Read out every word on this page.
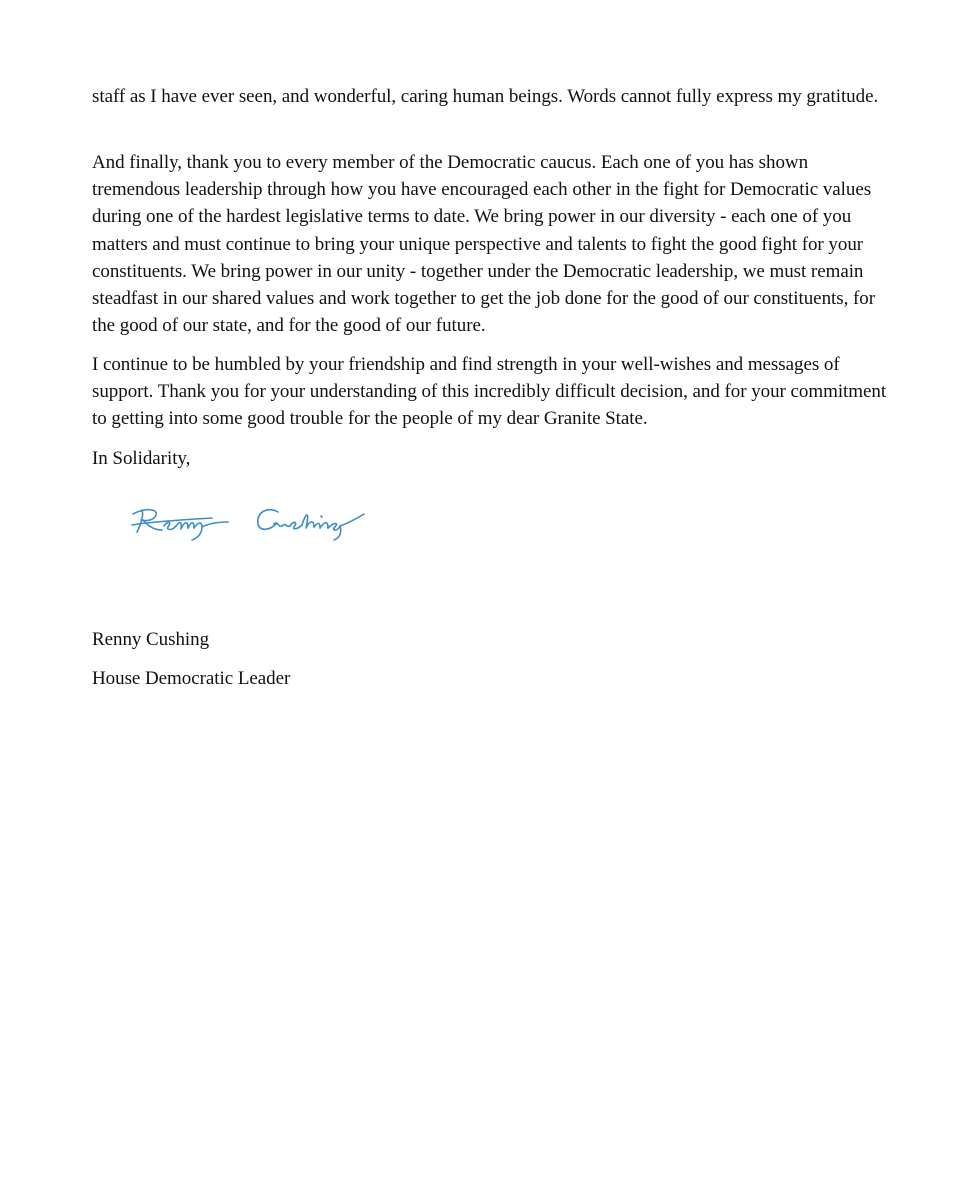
staff as I have ever seen, and wonderful, caring human beings. Words cannot fully express my gratitude.

And finally, thank you to every member of the Democratic caucus. Each one of you has shown tremendous leadership through how you have encouraged each other in the fight for Democratic values during one of the hardest legislative terms to date. We bring power in our diversity - each one of you matters and must continue to bring your unique perspective and talents to fight the good fight for your constituents. We bring power in our unity - together under the Democratic leadership, we must remain steadfast in our shared values and work together to get the job done for the good of our constituents, for the good of our state, and for the good of our future.

I continue to be humbled by your friendship and find strength in your well-wishes and messages of support. Thank you for your understanding of this incredibly difficult decision, and for your commitment to getting into some good trouble for the people of my dear Granite State.

In Solidarity,

Renny Cushing

House Democratic Leader
